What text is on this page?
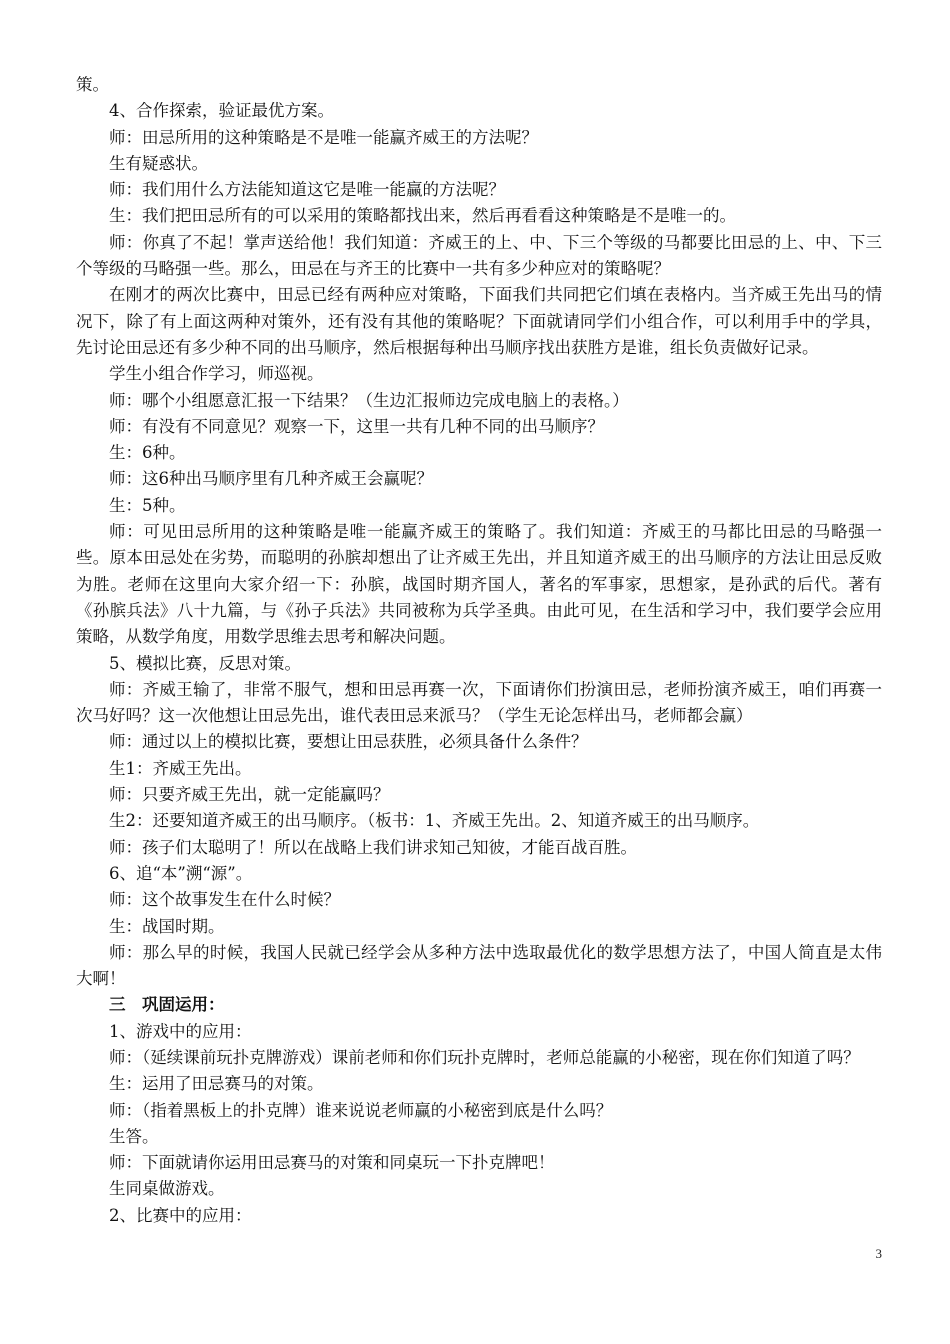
策。

4、合作探索，验证最优方案。

师：田忌所用的这种策略是不是唯一能赢齐威王的方法呢？

生有疑惑状。

师：我们用什么方法能知道这它是唯一能赢的方法呢？

生：我们把田忌所有的可以采用的策略都找出来，然后再看看这种策略是不是唯一的。

师：你真了不起！掌声送给他！我们知道：齐威王的上、中、下三个等级的马都要比田忌的上、中、下三个等级的马略强一些。那么，田忌在与齐王的比赛中一共有多少种应对的策略呢？

在刚才的两次比赛中，田忌已经有两种应对策略，下面我们共同把它们填在表格内。当齐威王先出马的情况下，除了有上面这两种对策外，还有没有其他的策略呢？下面就请同学们小组合作，可以利用手中的学具，先讨论田忌还有多少种不同的出马顺序，然后根据每种出马顺序找出获胜方是谁，组长负责做好记录。

学生小组合作学习，师巡视。

师：哪个小组愿意汇报一下结果？（生边汇报师边完成电脑上的表格。）

师：有没有不同意见？观察一下，这里一共有几种不同的出马顺序？

生：6种。

师：这6种出马顺序里有几种齐威王会赢呢？

生：5种。

师：可见田忌所用的这种策略是唯一能赢齐威王的策略了。我们知道：齐威王的马都比田忌的马略强一些。原本田忌处在劣势，而聪明的孙膑却想出了让齐威王先出，并且知道齐威王的出马顺序的方法让田忌反败为胜。老师在这里向大家介绍一下：孙膑，战国时期齐国人，著名的军事家，思想家，是孙武的后代。著有《孙膑兵法》八十九篇，与《孙子兵法》共同被称为兵学圣典。由此可见，在生活和学习中，我们要学会应用策略，从数学角度，用数学思维去思考和解决问题。

5、模拟比赛，反思对策。

师：齐威王输了，非常不服气，想和田忌再赛一次，下面请你们扮演田忌，老师扮演齐威王，咱们再赛一次马好吗？这一次他想让田忌先出，谁代表田忌来派马？（学生无论怎样出马，老师都会赢）

师：通过以上的模拟比赛，要想让田忌获胜，必须具备什么条件？

生1：齐威王先出。

师：只要齐威王先出，就一定能赢吗？

生2：还要知道齐威王的出马顺序。（板书：1、齐威王先出。2、知道齐威王的出马顺序。

师：孩子们太聪明了！所以在战略上我们讲求知己知彼，才能百战百胜。

6、追“本”溯“源”。

师：这个故事发生在什么时候？

生：战国时期。

师：那么早的时候，我国人民就已经学会从多种方法中选取最优化的数学思想方法了，中国人简直是太伟大啊！

三　巩固运用：

1、游戏中的应用：

师：（延续课前玩扑克牌游戏）课前老师和你们玩扑克牌时，老师总能赢的小秘密，现在你们知道了吗？

生：运用了田忌赛马的对策。

师：（指着黑板上的扑克牌）谁来说说老师赢的小秘密到底是什么吗？

生答。

师：下面就请你运用田忌赛马的对策和同桌玩一下扑克牌吧！

生同桌做游戏。

2、比赛中的应用：

3
